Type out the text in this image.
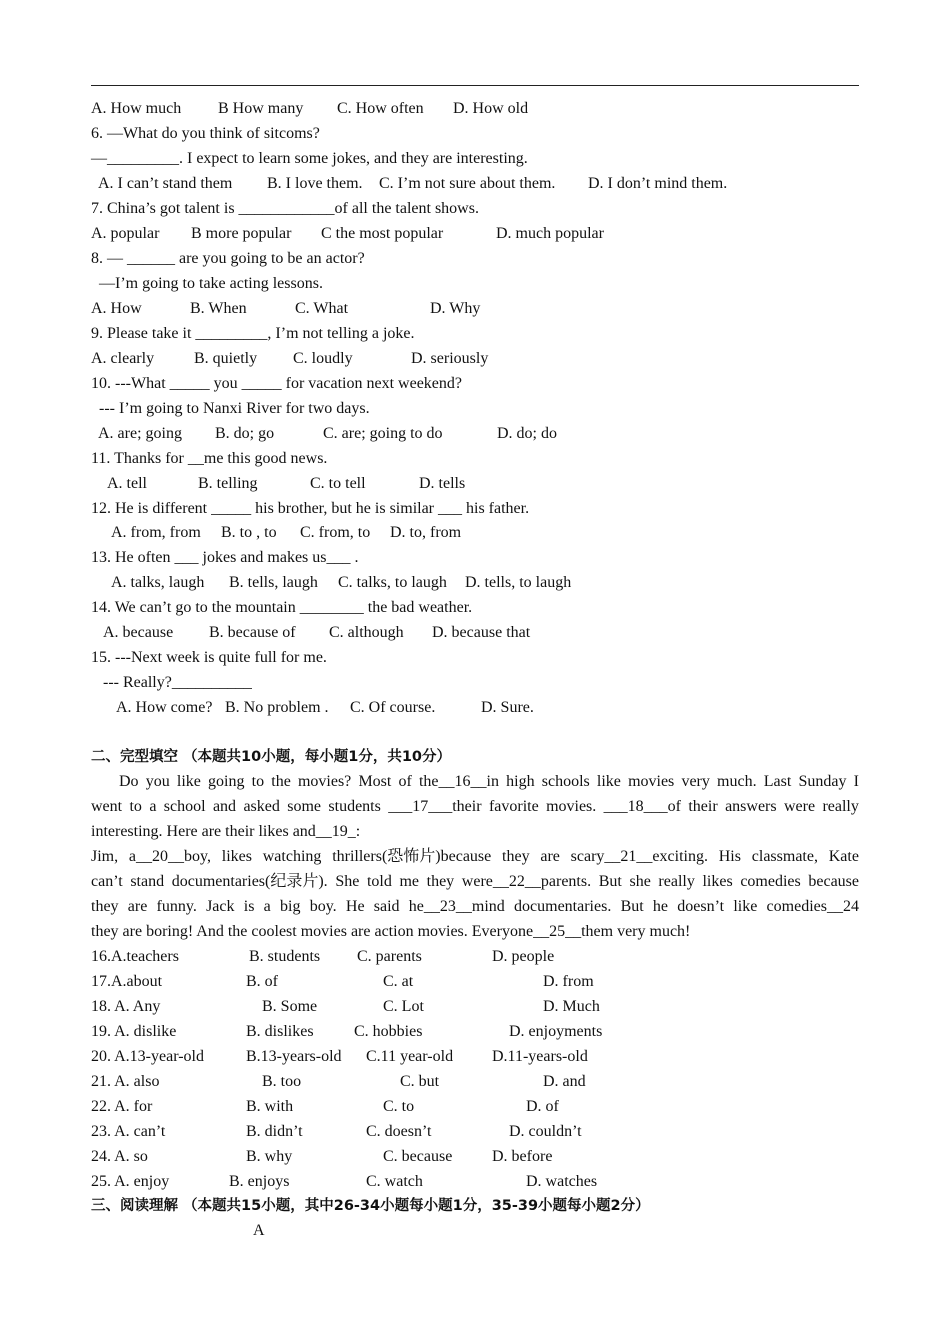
A. How much B How many C. How often D. How old
6. —What do you think of sitcoms?
—_________. I expect to learn some jokes, and they are interesting.
A. I can’t stand them B. I love them. C. I’m not sure about them. D. I don’t mind them.
7. China’s got talent is ____________of all the talent shows.
A. popular B more popular C the most popular	D. much popular
8. — ______ are you going to be an actor?
—I’m going to take acting lessons.
A. How	B. When	C. What	D. Why
9. Please take it _________, I’m not telling a joke.
A. clearly B. quietly C. loudly	D. seriously
10. ---What _____ you _____ for vacation next weekend?
--- I’m going to Nanxi River for two days.
A. are; going B. do; go	C. are; going to do	D. do; do
11. Thanks for __me this good news.
A. tell	B. telling	C. to tell	D. tells
12. He is different _____ his brother, but he is similar ___ his father.
A. from, from B. to , to C. from, to D. to, from
13. He often ___ jokes and makes us___ .
A. talks, laugh B. tells, laugh C. talks, to laugh D. tells, to laugh
14. We can’t go to the mountain ________ the bad weather.
A. because B. because of C. although D. because that
15. ---Next week is quite full for me.
--- Really?__________
A. How come? B. No problem . C. Of course.	D. Sure.
二、完型填空 （本题共10小题，每小题1分，共10分）
Do you like going to the movies? Most of the__16__in high schools like movies very much. Last Sunday I
went to a school and asked some students ___17___their favorite movies. ___18___of their answers were really
interesting. Here are their likes and__19_:
Jim, a__20__boy, likes watching thrillers(恐怖片)because they are scary__21__exciting. His classmate, Kate
can’t stand documentaries(纪录片). She told me they were__22__parents. But she really likes comedies because
they are funny. Jack is a big boy. He said he__23__mind documentaries. But he doesn’t like comedies__24
they are boring! And the coolest movies are action movies. Everyone__25__them very much!
16.A.teachers	B. students C. parents	D. people
17.A.about	B. of	C. at	D. from
18. A. Any	B. Some	C. Lot	D. Much
19. A. dislike	B. dislikes	C. hobbies	D. enjoyments
20. A.13-year-old	B.13-years-old C.11 year-old D.11-years-old
21. A. also	B. too	C. but	D. and
22. A. for	B. with	C. to	D. of
23. A. can’t	B. didn’t	C. doesn’t	D. couldn’t
24. A. so	B. why	C. because D. before
25. A. enjoy	B. enjoys	C. watch	D. watches
三、阅读理解 （本题共15小题，其中26-34小题每小题1分，35-39小题每小题2分）
A
